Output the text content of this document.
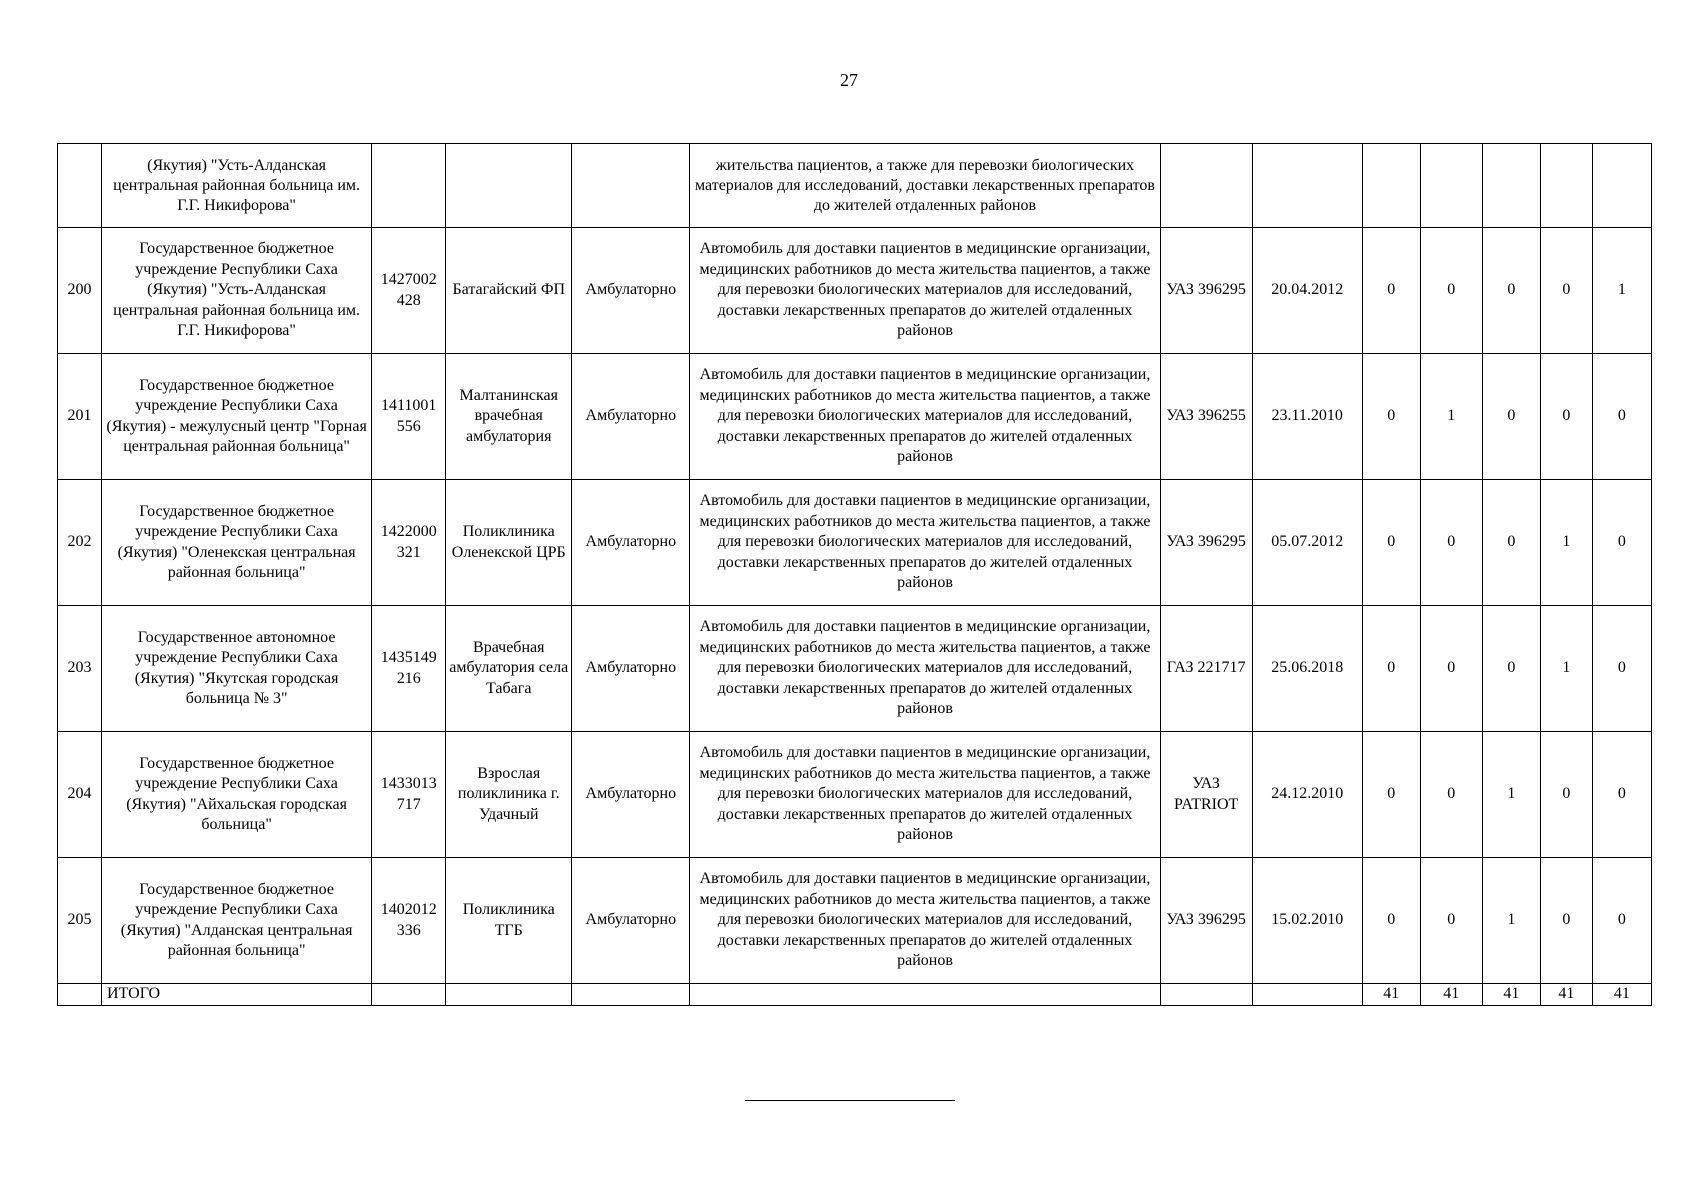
27
	(Якутия) "Усть-Алданская центральная районная больница им. Г.Г. Никифорова"				жительства пациентов, а также для перевозки биологических материалов для исследований, доставки лекарственных препаратов до жителей отдаленных районов							
200	Государственное бюджетное учреждение Республики Саха (Якутия) "Усть-Алданская центральная районная больница им. Г.Г. Никифорова"	1427002 428	Батагайский ФП	Амбулаторно	Автомобиль для доставки пациентов в медицинские организации, медицинских работников до места жительства пациентов, а также для перевозки биологических материалов для исследований, доставки лекарственных препаратов до жителей отдаленных районов	УАЗ 396295	20.04.2012	0	0	0	0	1
201	Государственное бюджетное учреждение Республики Саха (Якутия) - межулусный центр "Горная центральная районная больница"	1411001 556	Малтанинская врачебная амбулатория	Амбулаторно	Автомобиль для доставки пациентов в медицинские организации, медицинских работников до места жительства пациентов, а также для перевозки биологических материалов для исследований, доставки лекарственных препаратов до жителей отдаленных районов	УАЗ 396255	23.11.2010	0	1	0	0	0
202	Государственное бюджетное учреждение Республики Саха (Якутия) "Оленекская центральная районная больница"	1422000 321	Поликлиника Оленекской ЦРБ	Амбулаторно	Автомобиль для доставки пациентов в медицинские организации, медицинских работников до места жительства пациентов, а также для перевозки биологических материалов для исследований, доставки лекарственных препаратов до жителей отдаленных районов	УАЗ 396295	05.07.2012	0	0	0	1	0
203	Государственное автономное учреждение Республики Саха (Якутия) "Якутская городская больница № 3"	1435149 216	Врачебная амбулатория села Табага	Амбулаторно	Автомобиль для доставки пациентов в медицинские организации, медицинских работников до места жительства пациентов, а также для перевозки биологических материалов для исследований, доставки лекарственных препаратов до жителей отдаленных районов	ГАЗ 221717	25.06.2018	0	0	0	1	0
204	Государственное бюджетное учреждение Республики Саха (Якутия) "Айхальская городская больница"	1433013 717	Взрослая поликлиника г. Удачный	Амбулаторно	Автомобиль для доставки пациентов в медицинские организации, медицинских работников до места жительства пациентов, а также для перевозки биологических материалов для исследований, доставки лекарственных препаратов до жителей отдаленных районов	УАЗ PATRIOT	24.12.2010	0	0	1	0	0
205	Государственное бюджетное учреждение Республики Саха (Якутия) "Алданская центральная районная больница"	1402012 336	Поликлиника ТГБ	Амбулаторно	Автомобиль для доставки пациентов в медицинские организации, медицинских работников до места жительства пациентов, а также для перевозки биологических материалов для исследований, доставки лекарственных препаратов до жителей отдаленных районов	УАЗ 396295	15.02.2010	0	0	1	0	0
	ИТОГО							41	41	41	41	41
